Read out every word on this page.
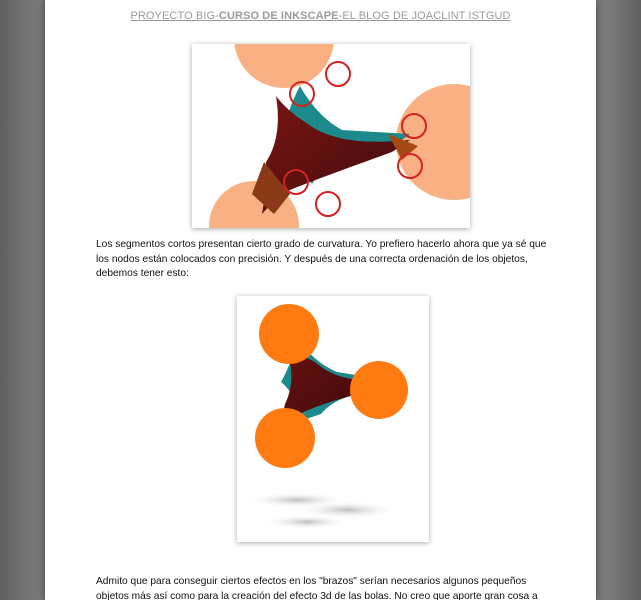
PROYECTO BIG-CURSO DE INKSCAPE-EL BLOG DE JOACLINT ISTGUD

Los segmentos cortos presentan cierto grado de curvatura. Yo prefiero hacerlo ahora que ya sé que los nodos están colocados con precisión. Y después de una correcta ordenación de los objetos, debemos tener esto:

Admito que para conseguir ciertos efectos en los "brazos" serían necesarios algunos pequeños objetos más así como para la creación del efecto 3d de las bolas. No creo que aporte gran cosa a
